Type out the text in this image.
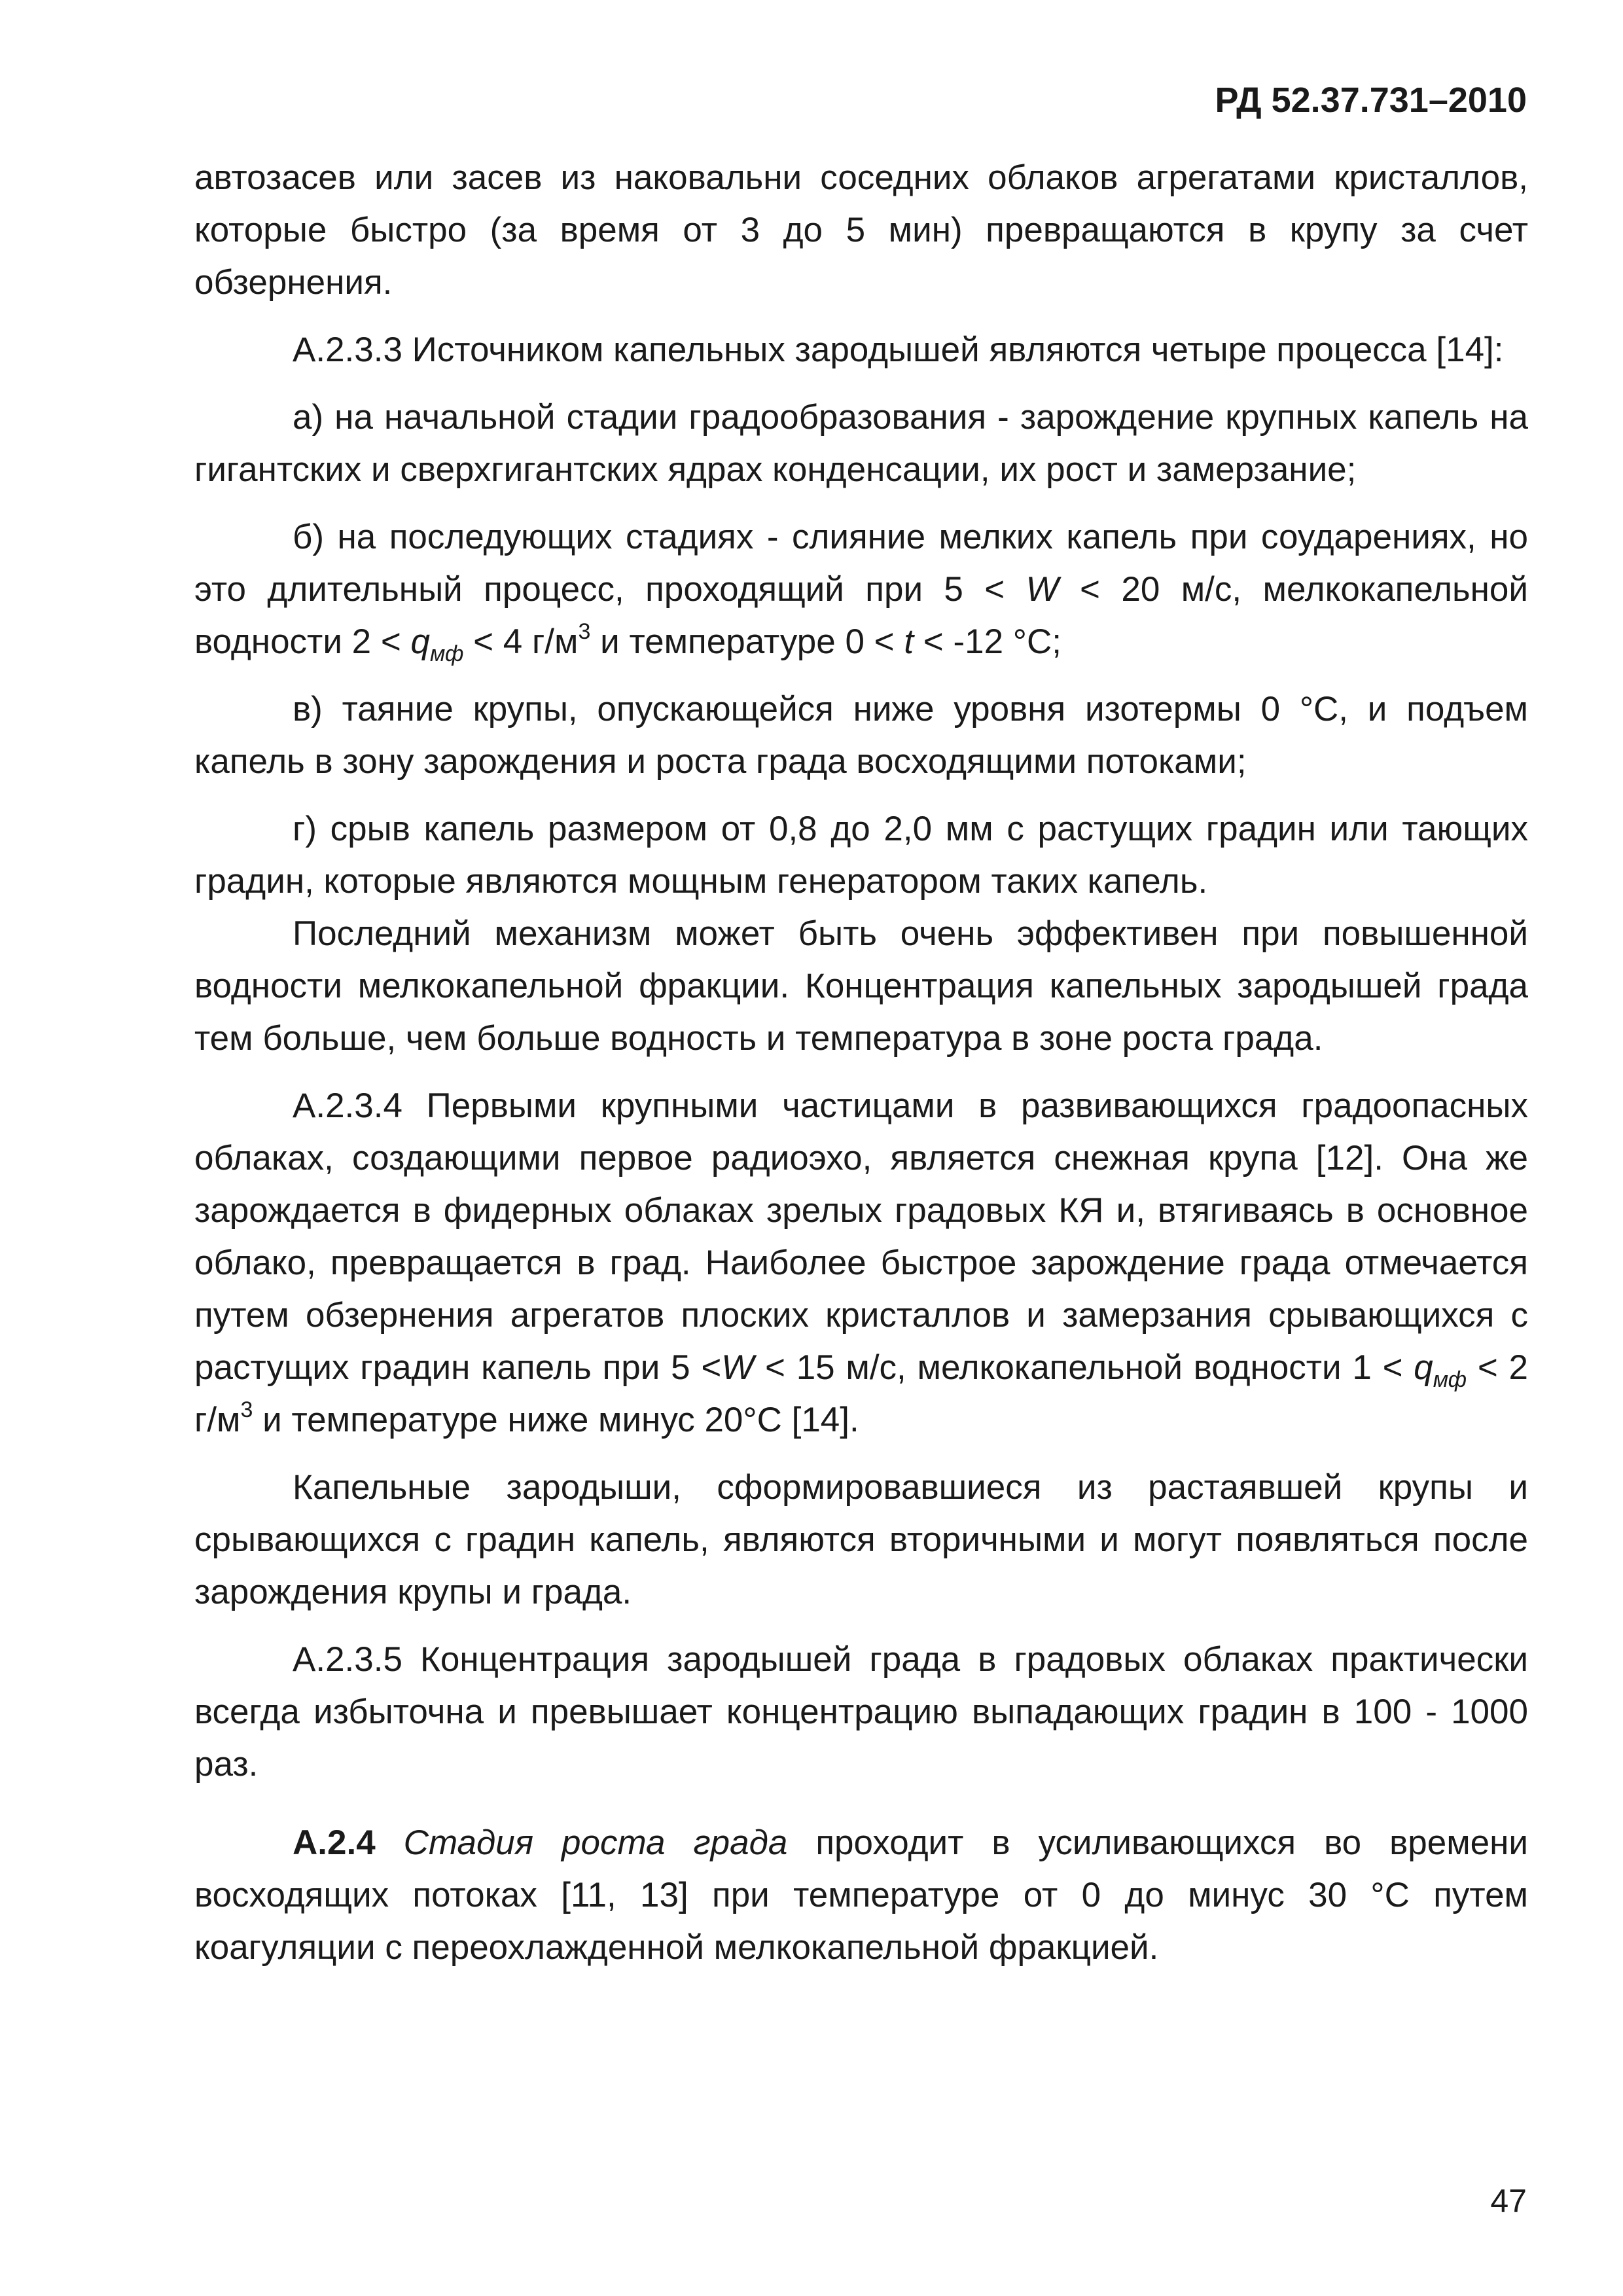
РД 52.37.731–2010

автозасев или засев из наковальни соседних облаков агрегатами кристаллов, которые быстро (за время от 3 до 5 мин) превращаются в крупу за счет обзернения.

А.2.3.3 Источником капельных зародышей являются четыре процесса [14]:

а) на начальной стадии градообразования - зарождение крупных капель на гигантских и сверхгигантских ядрах конденсации, их рост и замерзание;

б) на последующих стадиях - слияние мелких капель при соударениях, но это длительный процесс, проходящий при 5 < W < 20 м/с, мелкокапельной водности $2 < q_{мф} < 4$ $г/м^3$ и температуре 0 < t < -12 °С;

в) таяние крупы, опускающейся ниже уровня изотермы 0 °С, и подъем капель в зону зарождения и роста града восходящими потоками;

г) срыв капель размером от 0,8 до 2,0 мм с растущих градин или тающих градин, которые являются мощным генератором таких капель.

Последний механизм может быть очень эффективен при повышенной водности мелкокапельной фракции. Концентрация капельных зародышей града тем больше, чем больше водность и температура в зоне роста града.

А.2.3.4 Первыми крупными частицами в развивающихся градоопасных облаках, создающими первое радиоэхо, является снежная крупа [12]. Она же зарождается в фидерных облаках зрелых градовых КЯ и, втягиваясь в основное облако, превращается в град. Наиболее быстрое зарождение града отмечается путем обзернения агрегатов плоских кристаллов и замерзания срывающихся с растущих градин капель при 5 <W < 15 м/с, мелкокапельной водности $1 < q_{мф} < 2$ $г/м^3$ и температуре ниже минус 20°С [14].

Капельные зародыши, сформировавшиеся из растаявшей крупы и срывающихся с градин капель, являются вторичными и могут появляться после зарождения крупы и града.

А.2.3.5 Концентрация зародышей града в градовых облаках практически всегда избыточна и превышает концентрацию выпадающих градин в 100 - 1000 раз.

А.2.4 Стадия роста града проходит в усиливающихся во времени восходящих потоках [11, 13] при температуре от 0 до минус 30 °С путем коагуляции с переохлажденной мелкокапельной фракцией.

47
